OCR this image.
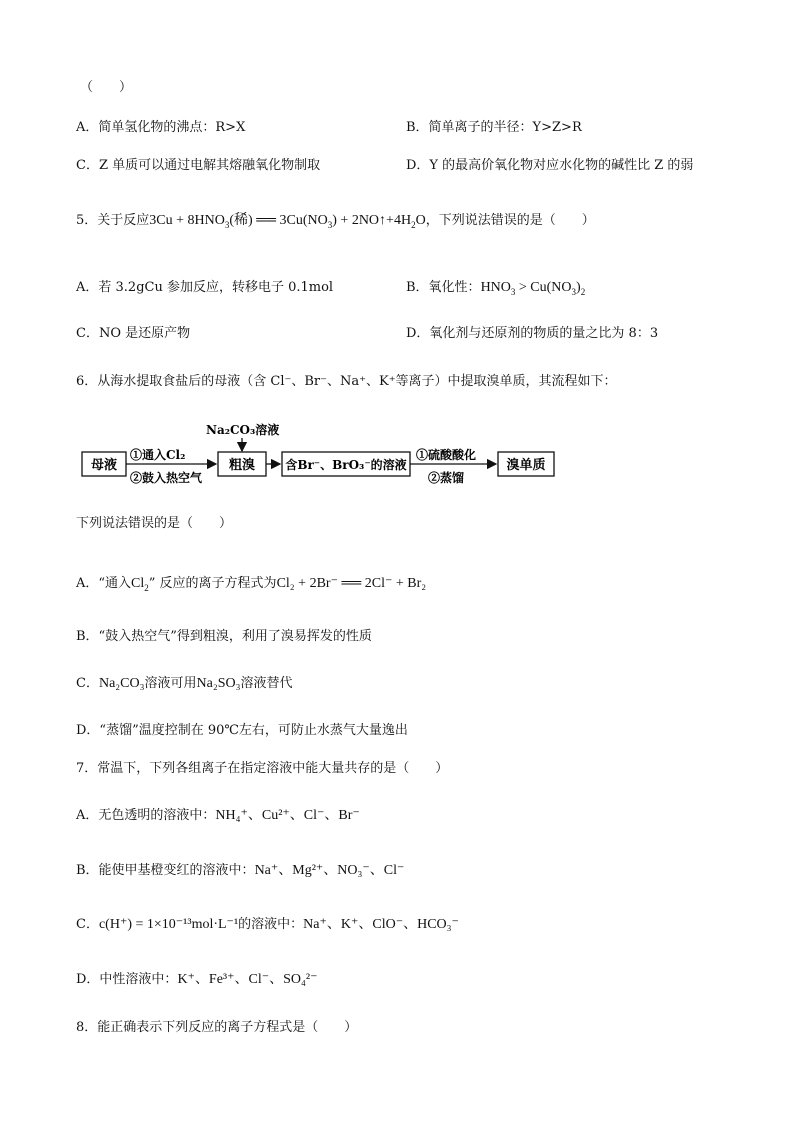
（　　）
A．简单氢化物的沸点：R>X	B．简单离子的半径：Y>Z>R
C．Z 单质可以通过电解其熔融氧化物制取	D．Y 的最高价氧化物对应水化物的碱性比 Z 的弱
5．关于反应$3Cu + 8HNO_3$(稀) ══ $3Cu(NO_3)$ + $2NO↑+4H_2O$，下列说法错误的是（　　）
A．若 3.2gCu 参加反应，转移电子 0.1mol	B．氧化性：$HNO_3 > Cu(NO_3)_2$
C．NO 是还原产物	D．氧化剂与还原剂的物质的量之比为 8：3
6．从海水提取食盐后的母液（含 Cl⁻、Br⁻、Na⁺、K⁺等离子）中提取溴单质，其流程如下：
母液
①通入Cl₂
②鼓入热空气
粗溴
Na₂CO₃溶液
含Br⁻、BrO₃⁻的溶液
①硫酸酸化
②蒸馏
溴单质
下列说法错误的是（　　）
A．“通入$Cl_2$” 反应的离子方程式为Cl₂ + 2Br⁻ ══ 2Cl⁻ + Br₂
B．“鼓入热空气”得到粗溴，利用了溴易挥发的性质
C．Na₂CO₃溶液可用Na₂SO₃溶液替代
D．“蒸馏”温度控制在 90℃左右，可防止水蒸气大量逸出
7．常温下，下列各组离子在指定溶液中能大量共存的是（　　）
A．无色透明的溶液中：NH₄⁺、Cu²⁺、Cl⁻、Br⁻
B．能使甲基橙变红的溶液中：Na⁺、Mg²⁺、NO₃⁻、Cl⁻
C．c(H⁺) = 1×10⁻¹³mol·L⁻¹的溶液中：Na⁺、K⁺、ClO⁻、HCO₃⁻
D．中性溶液中：K⁺、Fe³⁺、Cl⁻、SO₄²⁻
8．能正确表示下列反应的离子方程式是（　　）
